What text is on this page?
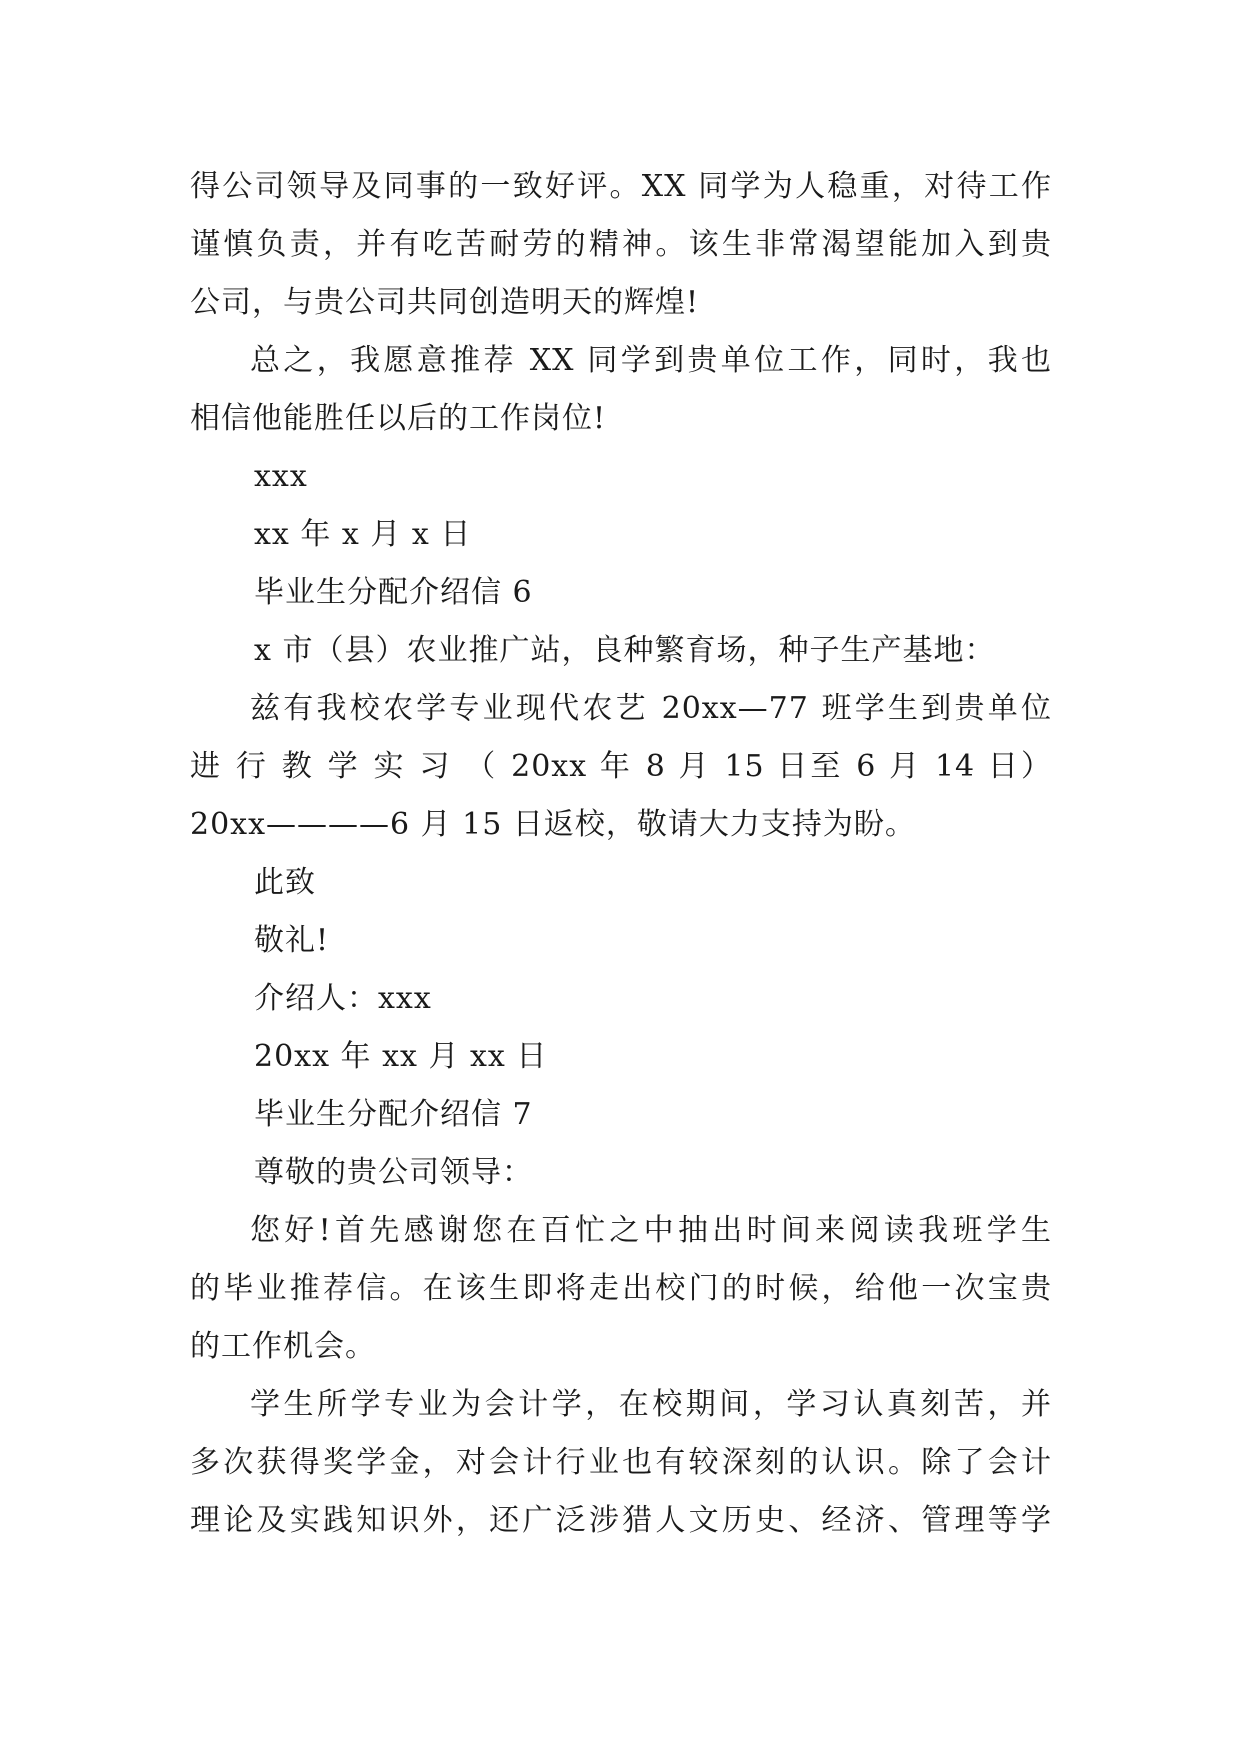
得公司领导及同事的一致好评。XX 同学为人稳重，对待工作
谨慎负责，并有吃苦耐劳的精神。该生非常渴望能加入到贵
公司，与贵公司共同创造明天的辉煌!

总之，我愿意推荐 XX 同学到贵单位工作，同时，我也
相信他能胜任以后的工作岗位!

xxx

xx 年 x 月 x 日

毕业生分配介绍信 6

x 市（县）农业推广站，良种繁育场，种子生产基地：

兹有我校农学专业现代农艺 20xx—77 班学生到贵单位
进 行 教 学 实 习 （ 20xx 年 8 月 15 日至 6 月 14 日）
20xx————6 月 15 日返校，敬请大力支持为盼。

此致

敬礼!

介绍人：xxx

20xx 年 xx 月 xx 日

毕业生分配介绍信 7

尊敬的贵公司领导：

您好!首先感谢您在百忙之中抽出时间来阅读我班学生
的毕业推荐信。在该生即将走出校门的时候，给他一次宝贵
的工作机会。

学生所学专业为会计学，在校期间，学习认真刻苦，并
多次获得奖学金，对会计行业也有较深刻的认识。除了会计
理论及实践知识外，还广泛涉猎人文历史、经济、管理等学
